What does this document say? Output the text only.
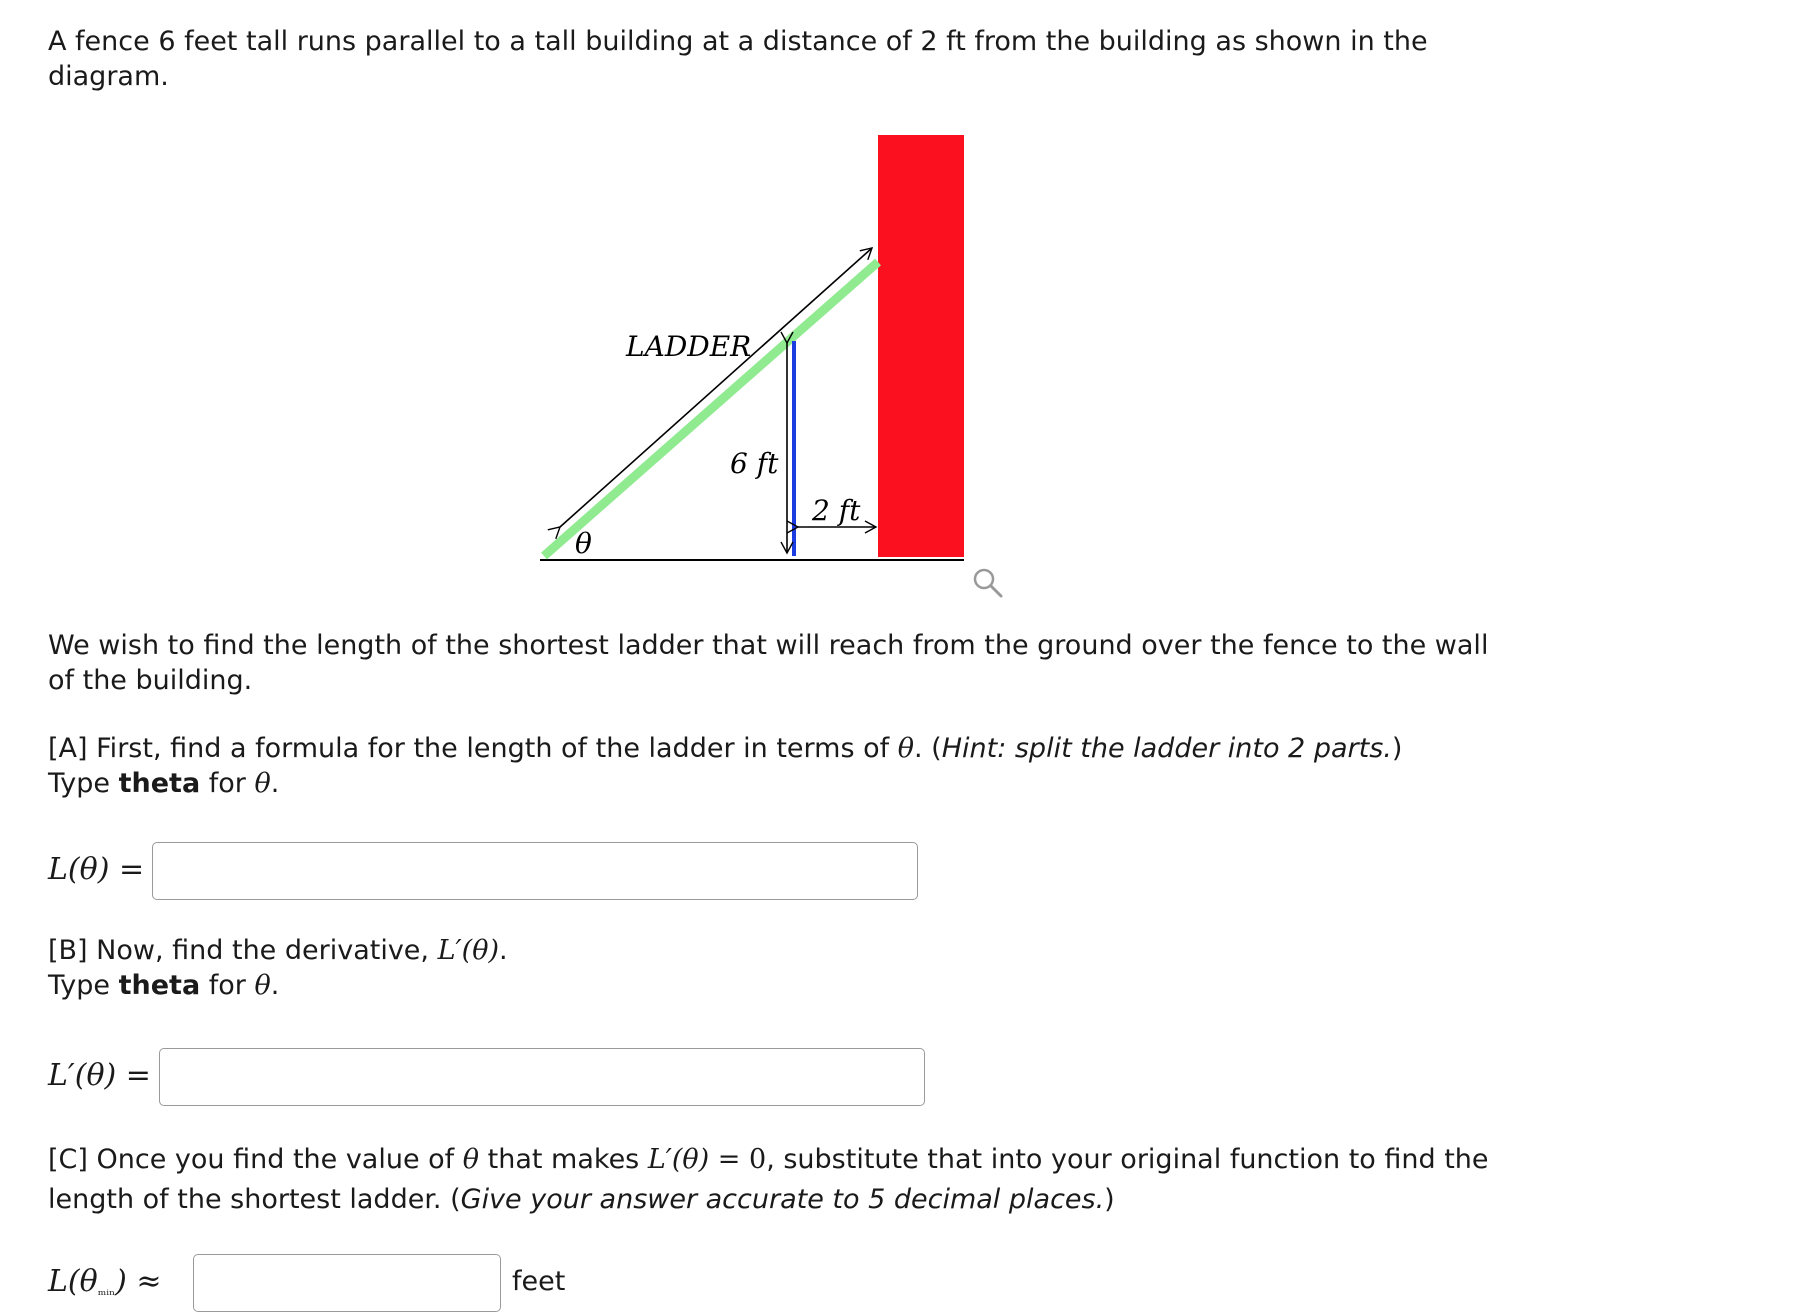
A fence 6 feet tall runs parallel to a tall building at a distance of 2 ft from the building as shown in the diagram.

LADDER
6 ft
2 ft
θ

We wish to find the length of the shortest ladder that will reach from the ground over the fence to the wall of the building.

[A] First, find a formula for the length of the ladder in terms of θ. (Hint: split the ladder into 2 parts.)
Type theta for θ.
L(θ) =
[B] Now, find the derivative, L′(θ).
Type theta for θ.
L′(θ) =
[C] Once you find the value of θ that makes L′(θ) = 0, substitute that into your original function to find the length of the shortest ladder. (Give your answer accurate to 5 decimal places.)
L(θₘᵢₙ) ≈	feet
